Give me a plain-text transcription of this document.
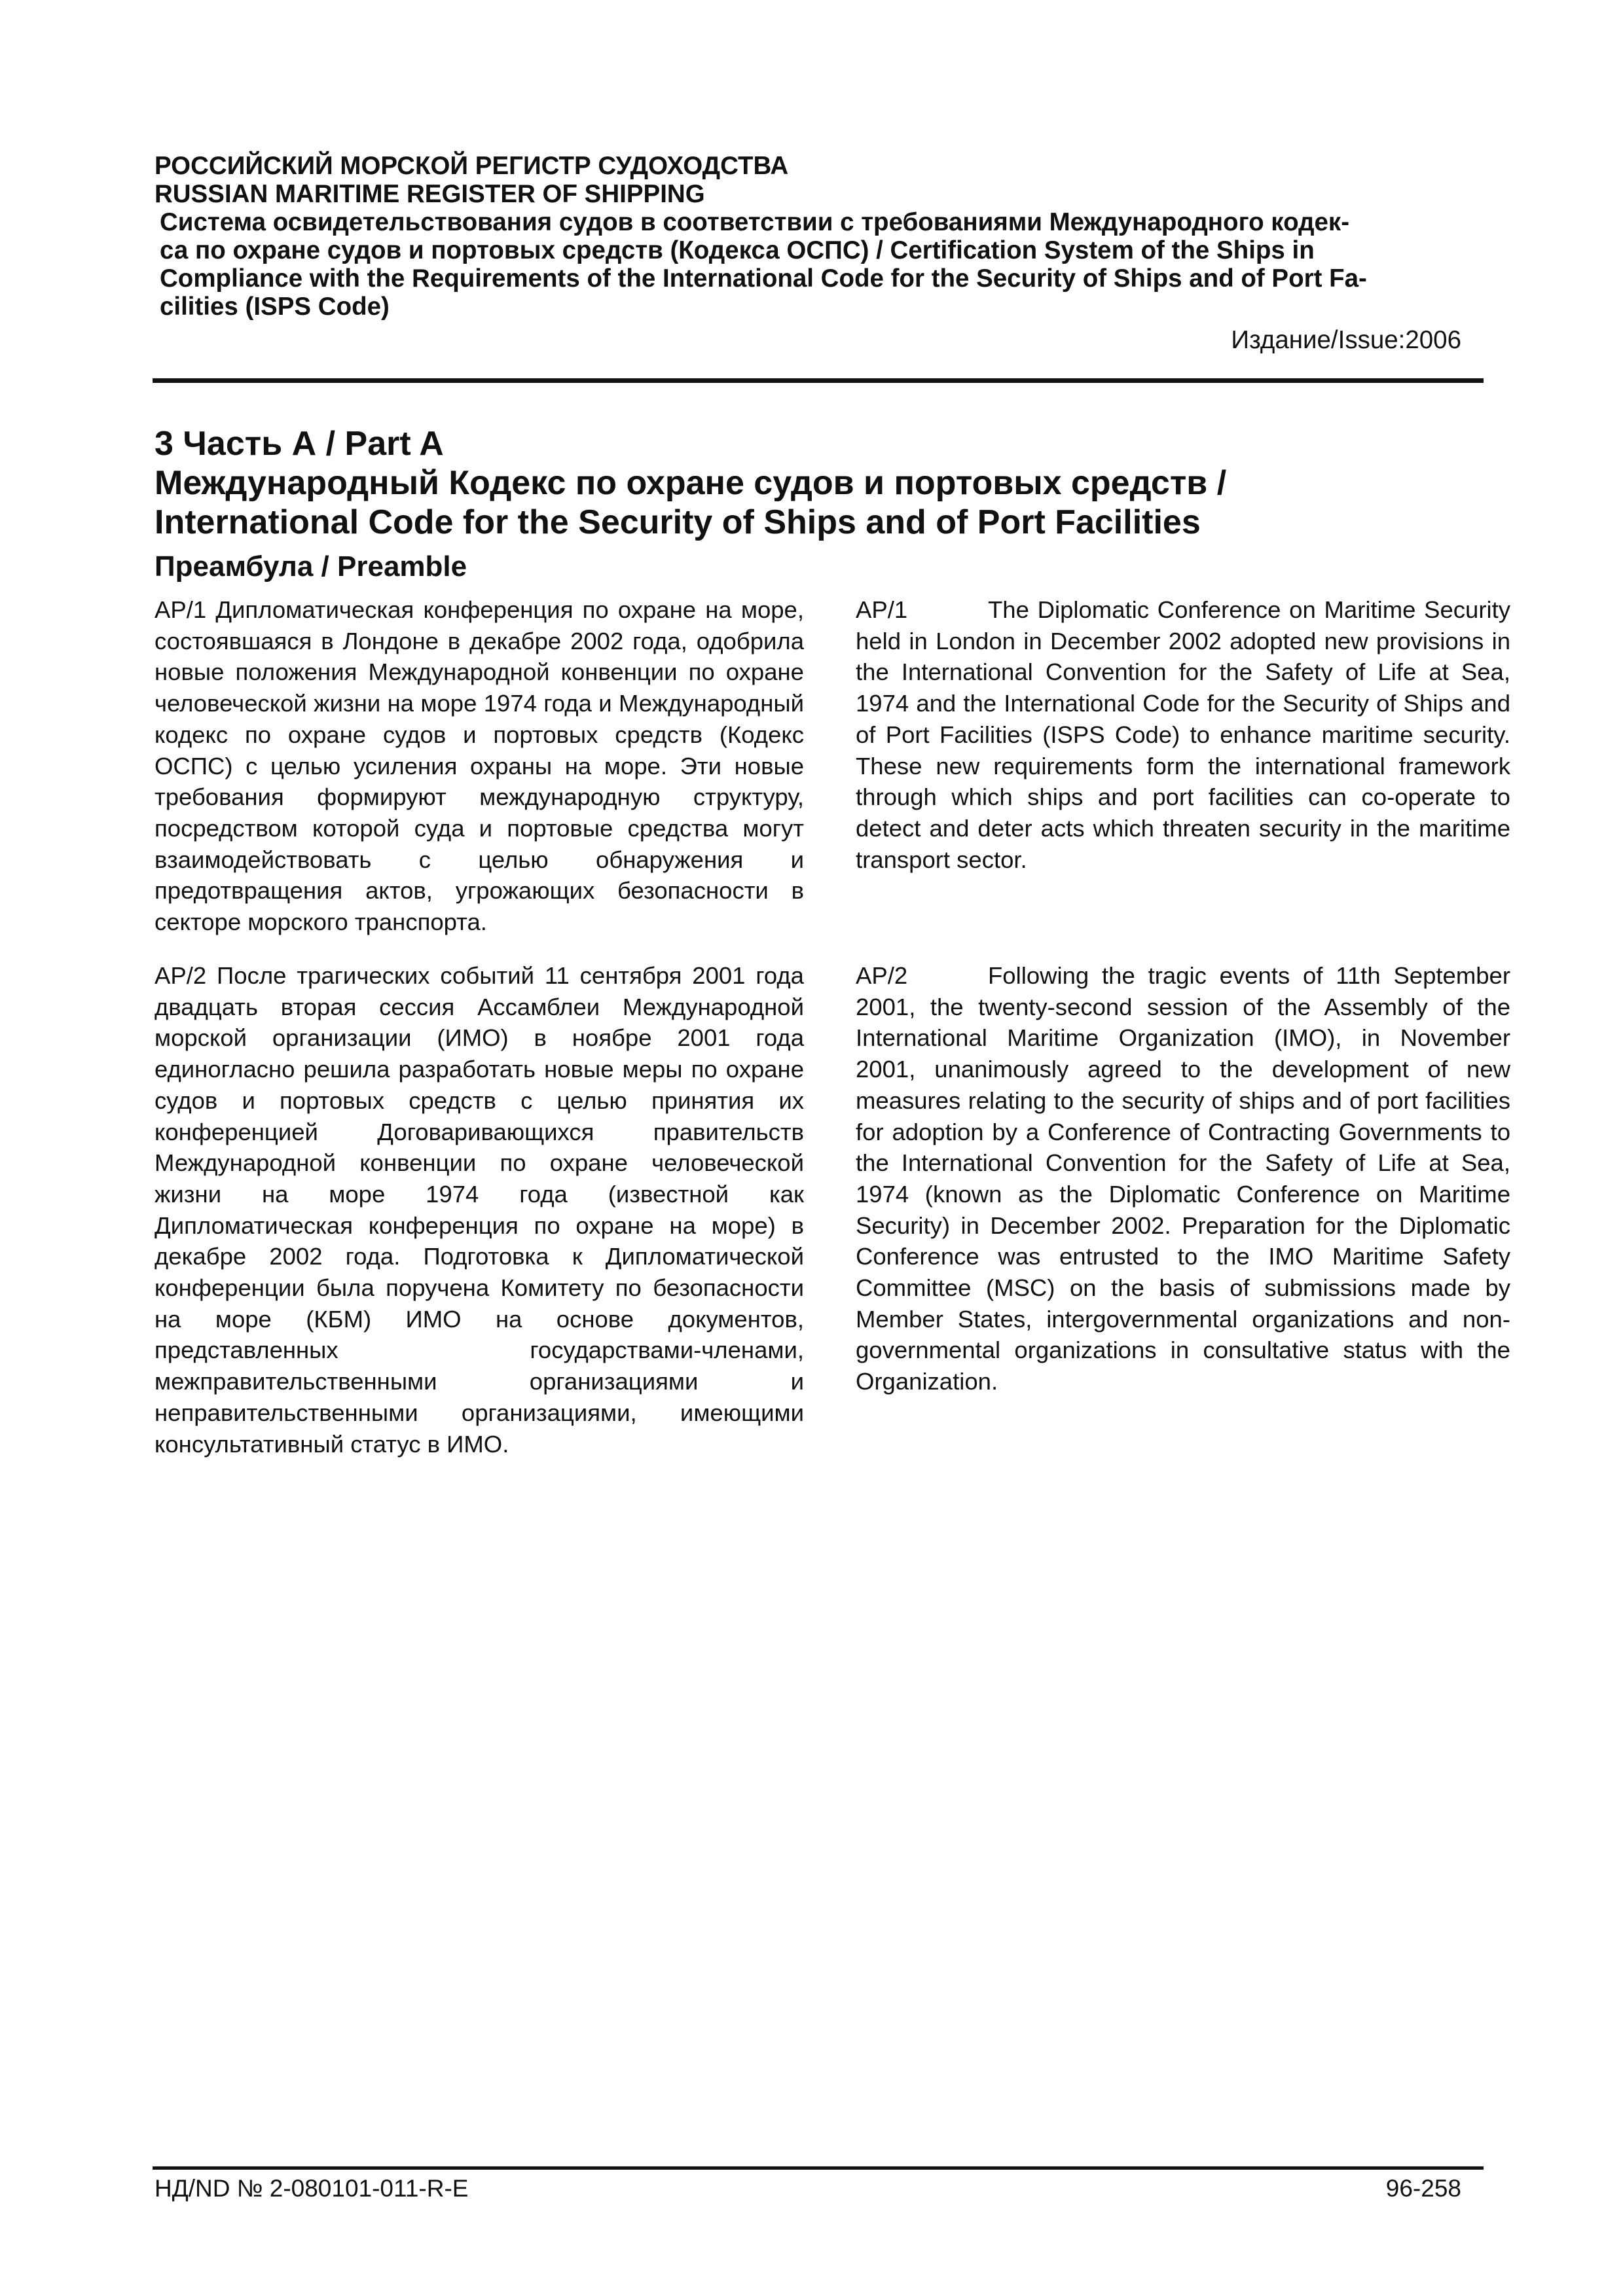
РОССИЙСКИЙ МОРСКОЙ РЕГИСТР СУДОХОДСТВА

RUSSIAN MARITIME REGISTER OF SHIPPING

Система освидетельствования судов в соответствии с требованиями Международного кодек-
са по охране судов и портовых средств (Кодекса ОСПС) / Certification System of the Ships in
Compliance with the Requirements of the International Code for the Security of Ships and of Port Fa-
cilities (ISPS Code)

Издание/Issue:2006

3 Часть А / Part A

Международный Кодекс по охране судов и портовых средств /

International Code for the Security of Ships and of Port Facilities

Преамбула / Preamble

AP/1 Дипломатическая конференция по охране на море, состоявшаяся в Лондоне в декабре 2002 года, одобрила новые положения Международной конвенции по охране человеческой жизни на море 1974 года и Международный кодекс по охране судов и портовых средств (Кодекс ОСПС) с целью усиления охраны на море. Эти новые требования формируют международную структуру, посредством которой суда и портовые средства могут взаимодействовать с целью обнаружения и предотвращения актов, угрожающих безопасности в секторе морского транспорта.

AP/2 После трагических событий 11 сентября 2001 года двадцать вторая сессия Ассамблеи Международной морской организации (ИМО) в ноябре 2001 года единогласно решила разработать новые меры по охране судов и портовых средств с целью принятия их конференцией Договаривающихся правительств Международной конвенции по охране человеческой жизни на море 1974 года (известной как Дипломатическая конференция по охране на море) в декабре 2002 года. Подготовка к Дипломатической конференции была поручена Комитету по безопасности на море (КБМ) ИМО на основе документов, представленных государствами-членами, межправительственными организациями и неправительственными организациями, имеющими консультативный статус в ИМО.

AP/1	The Diplomatic Conference on Maritime Security held in London in December 2002 adopted new provisions in the International Convention for the Safety of Life at Sea, 1974 and the International Code for the Security of Ships and of Port Facilities (ISPS Code) to enhance maritime security. These new requirements form the international framework through which ships and port facilities can co-operate to detect and deter acts which threaten security in the maritime transport sector.

AP/2	Following the tragic events of 11th September 2001, the twenty-second session of the Assembly of the International Maritime Organization (IMO), in November 2001, unanimously agreed to the development of new measures relating to the security of ships and of port facilities for adoption by a Conference of Contracting Governments to the International Convention for the Safety of Life at Sea, 1974 (known as the Diplomatic Conference on Maritime Security) in December 2002. Preparation for the Diplomatic Conference was entrusted to the IMO Maritime Safety Committee (MSC) on the basis of submissions made by Member States, intergovernmental organizations and non-governmental organizations in consultative status with the Organization.

НД/ND № 2-080101-011-R-E	96-258
